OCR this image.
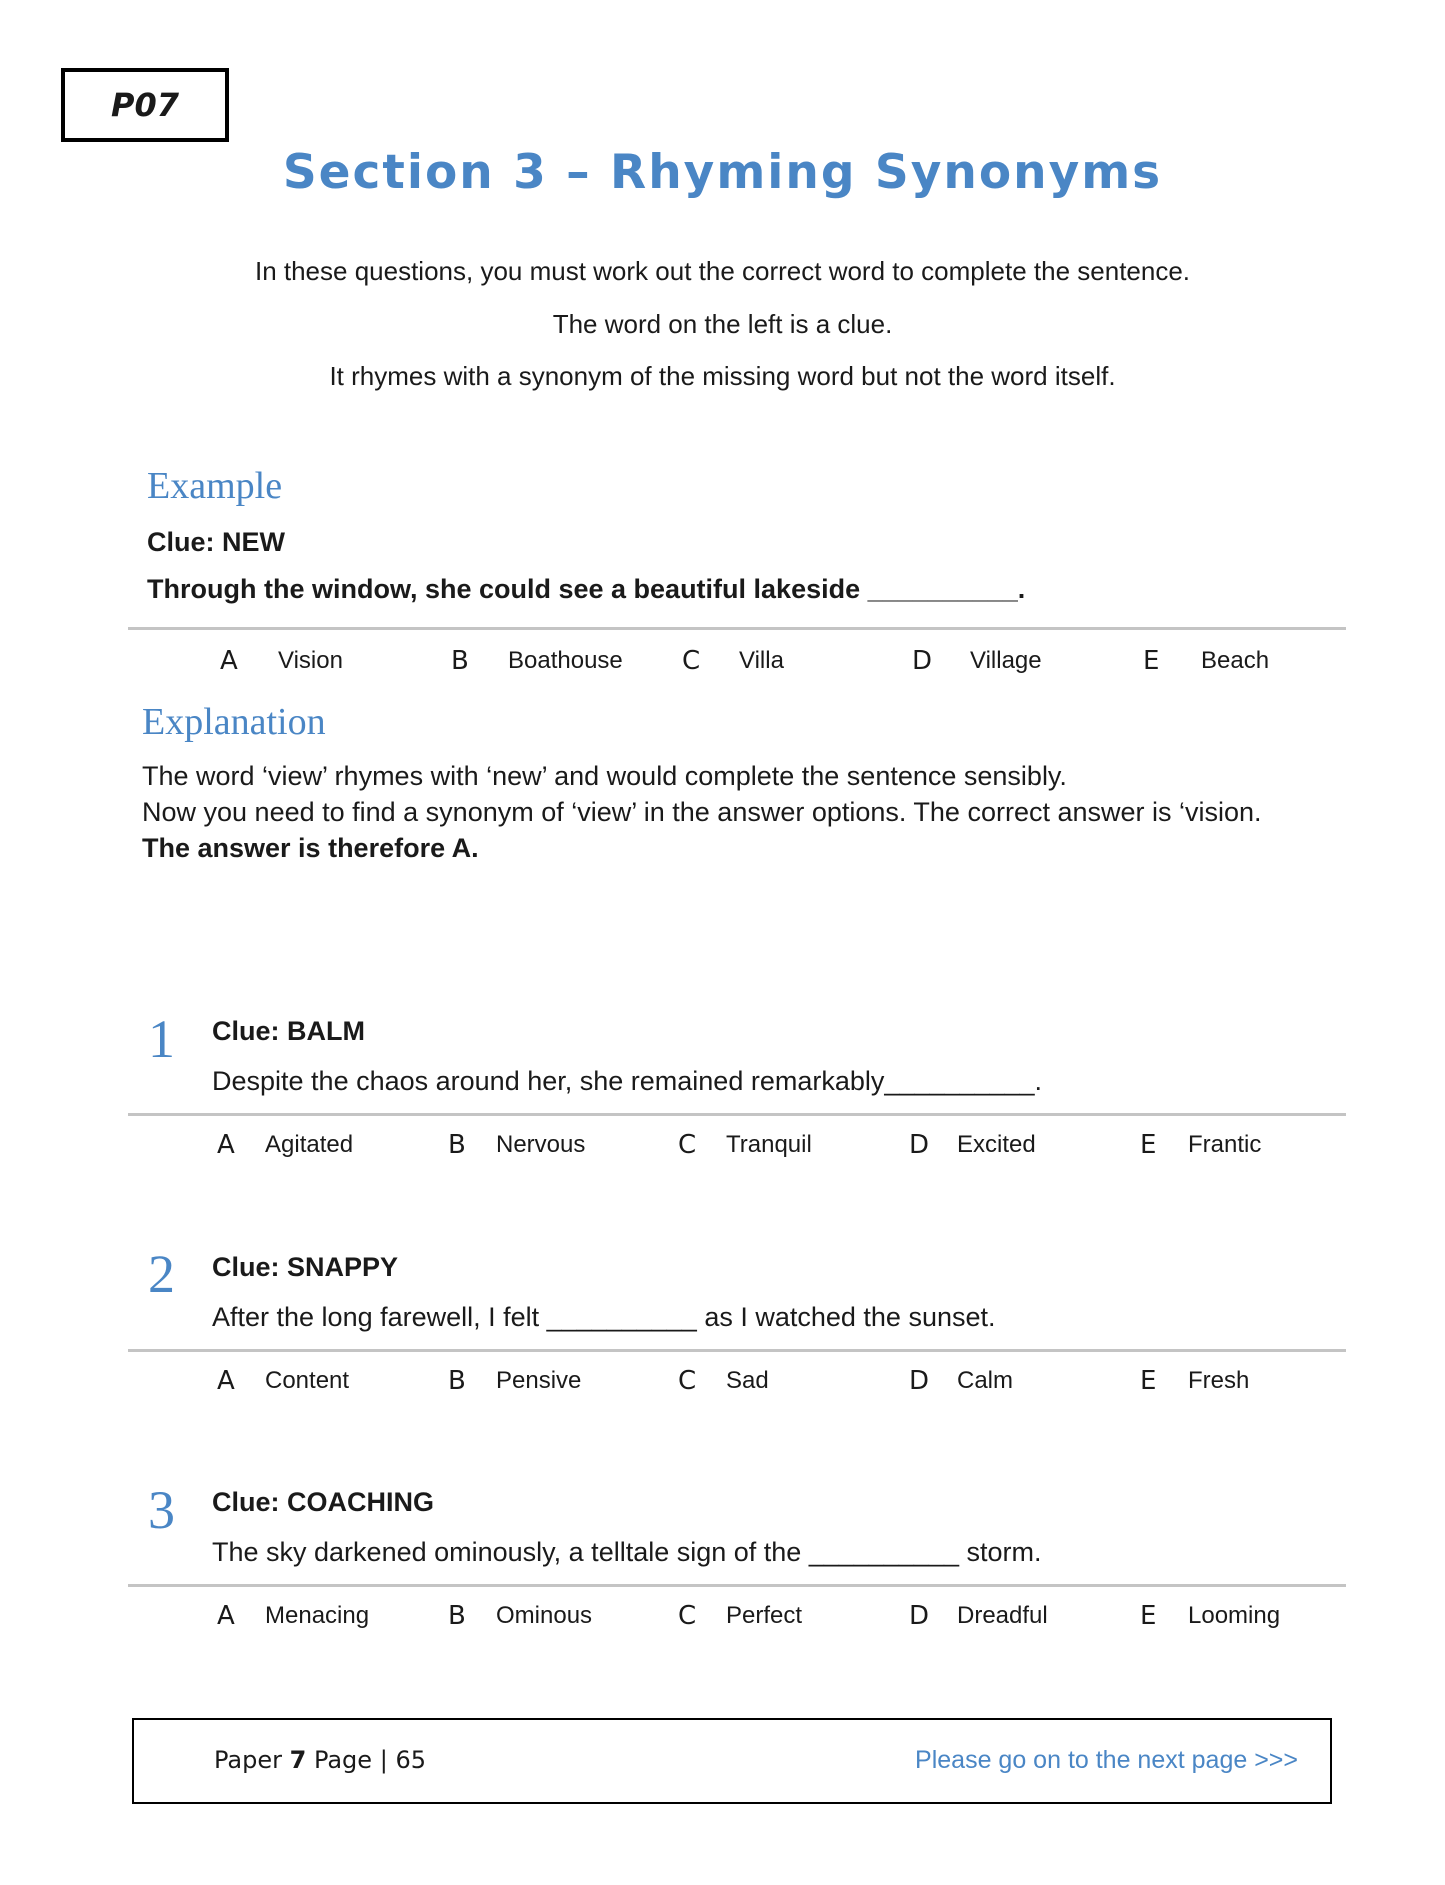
P07
Section 3 – Rhyming Synonyms
In these questions, you must work out the correct word to complete the sentence.
The word on the left is a clue.
It rhymes with a synonym of the missing word but not the word itself.
Example
Clue: NEW
Through the window, she could see a beautiful lakeside __________.
A Vision	B Boathouse C Villa	D Village	E Beach
Explanation
The word ‘view’ rhymes with ‘new’ and would complete the sentence sensibly.
Now you need to find a synonym of ‘view’ in the answer options. The correct answer is ‘vision.
The answer is therefore A.
1 Clue: BALM
Despite the chaos around her, she remained remarkably__________.
A Agitated	B Nervous	C Tranquil	D Excited	E Frantic
2 Clue: SNAPPY
After the long farewell, I felt __________ as I watched the sunset.
A Content	B Pensive	C Sad	D Calm	E Fresh
3 Clue: COACHING
The sky darkened ominously, a telltale sign of the __________ storm.
A Menacing	B Ominous	C Perfect	D Dreadful	E Looming
Paper 7 Page | 65	Please go on to the next page >>>
